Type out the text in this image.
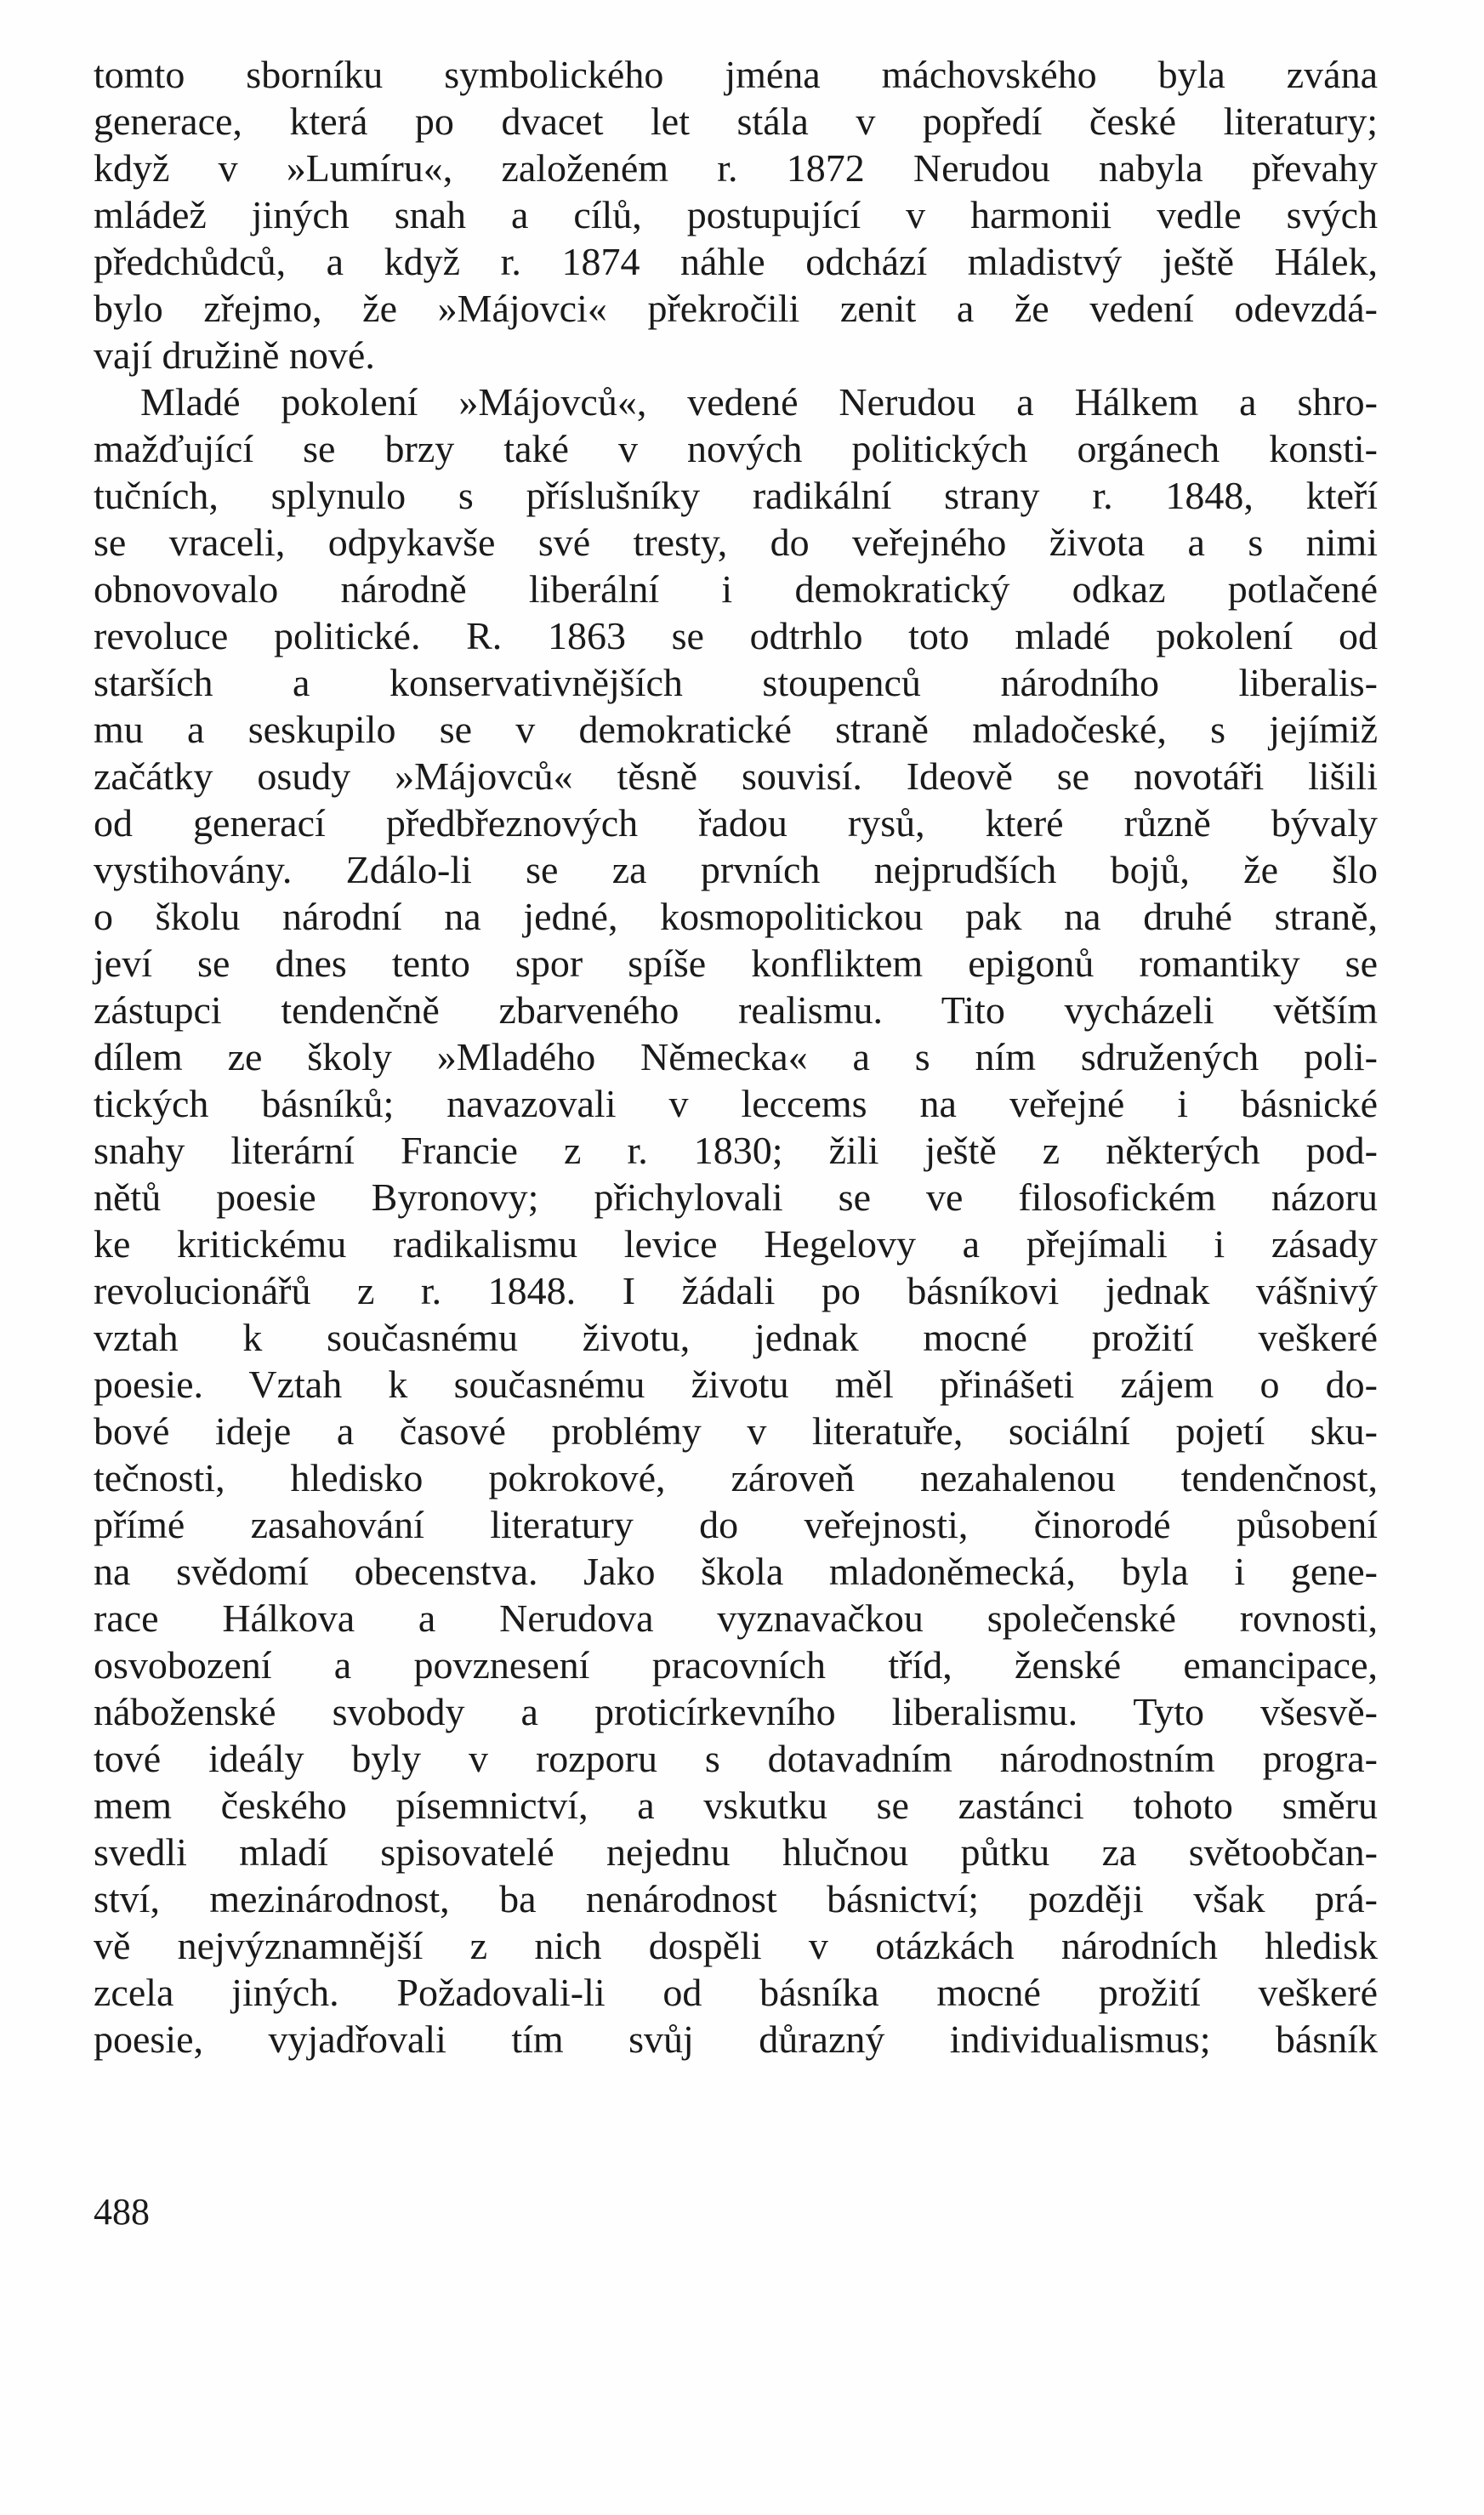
tomto sborníku symbolického jména máchovského byla zvána
generace, která po dvacet let stála v popředí české literatury;
když v »Lumíru«, založeném r. 1872 Nerudou nabyla převahy
mládež jiných snah a cílů, postupující v harmonii vedle svých
předchůdců, a když r. 1874 náhle odchází mladistvý ještě Hálek,
bylo zřejmo, že »Májovci« překročili zenit a že vedení odevzdá-
vají družině nové.
Mladé pokolení »Májovců«, vedené Nerudou a Hálkem a shro-
mažďující se brzy také v nových politických orgánech konsti-
tučních, splynulo s příslušníky radikální strany r. 1848, kteří
se vraceli, odpykavše své tresty, do veřejného života a s nimi
obnovovalo národně liberální i demokratický odkaz potlačené
revoluce politické. R. 1863 se odtrhlo toto mladé pokolení od
starších a konservativnějších stoupenců národního liberalis-
mu a seskupilo se v demokratické straně mladočeské, s jejímiž
začátky osudy »Májovců« těsně souvisí. Ideově se novotáři lišili
od generací předbřeznových řadou rysů, které různě bývaly
vystihovány. Zdálo-li se za prvních nejprudších bojů, že šlo
o školu národní na jedné, kosmopolitickou pak na druhé straně,
jeví se dnes tento spor spíše konfliktem epigonů romantiky se
zástupci tendenčně zbarveného realismu. Tito vycházeli větším
dílem ze školy »Mladého Německa« a s ním sdružených poli-
tických básníků; navazovali v leccems na veřejné i básnické
snahy literární Francie z r. 1830; žili ještě z některých pod-
nětů poesie Byronovy; přichylovali se ve filosofickém názoru
ke kritickému radikalismu levice Hegelovy a přejímali i zásady
revolucionářů z r. 1848. I žádali po básníkovi jednak vášnivý
vztah k současnému životu, jednak mocné prožití veškeré
poesie. Vztah k současnému životu měl přinášeti zájem o do-
bové ideje a časové problémy v literatuře, sociální pojetí sku-
tečnosti, hledisko pokrokové, zároveň nezahalenou tendenčnost,
přímé zasahování literatury do veřejnosti, činorodé působení
na svědomí obecenstva. Jako škola mladoněmecká, byla i gene-
race Hálkova a Nerudova vyznavačkou společenské rovnosti,
osvobození a povznesení pracovních tříd, ženské emancipace,
náboženské svobody a proticírkevního liberalismu. Tyto všesvě-
tové ideály byly v rozporu s dotavadním národnostním progra-
mem českého písemnictví, a vskutku se zastánci tohoto směru
svedli mladí spisovatelé nejednu hlučnou půtku za světoobčan-
ství, mezinárodnost, ba nenárodnost básnictví; později však prá-
vě nejvýznamnější z nich dospěli v otázkách národních hledisk
zcela jiných. Požadovali-li od básníka mocné prožití veškeré
poesie, vyjadřovali tím svůj důrazný individualismus; básník
488
